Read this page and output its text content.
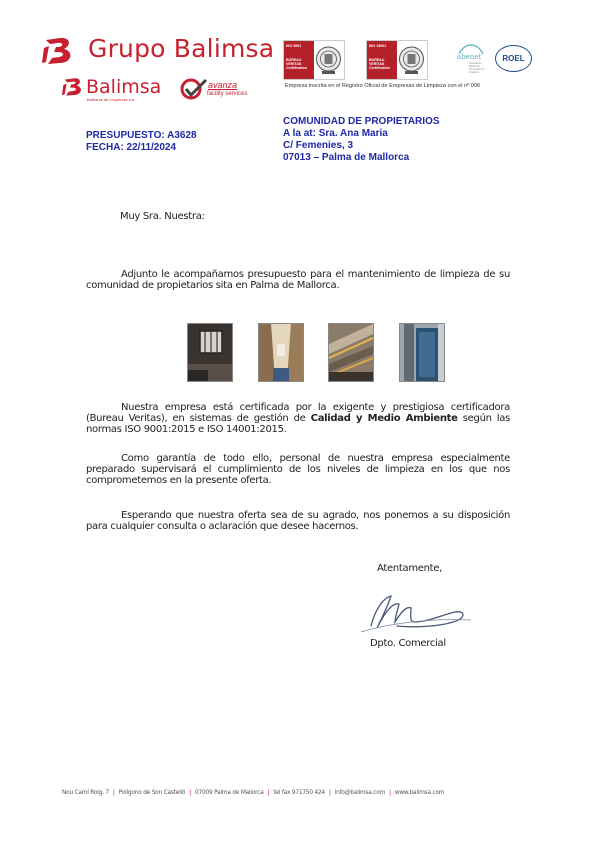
Grupo Balimsa
Balimsa
Baleares de Limpiezas s.a.
avanza
facility services
ISO 9001
BUREAU VERITAS
Certification
ISO 14001
BUREAU VERITAS
Certification
abenet
Asociación Balear de Empresas de limpieza
ROEL
Empresa inscrita en el Registro Oficial de Empresas de Limpieza con el nº 006
PRESUPUESTO: A3628
FECHA: 22/11/2024
COMUNIDAD DE PROPIETARIOS
A la at: Sra. Ana Maria
C/ Femenies, 3
07013 – Palma de Mallorca
Muy Sra. Nuestra:
Adjunto le acompañamos presupuesto para el mantenimiento de limpieza de su comunidad de propietarios sita en Palma de Mallorca.
Nuestra empresa está certificada por la exigente y prestigiosa certificadora (Bureau Veritas), en sistemas de gestión de Calidad y Medio Ambiente según las normas ISO 9001:2015 e ISO 14001:2015.
Como garantía de todo ello, personal de nuestra empresa especialmente preparado supervisará el cumplimiento de los niveles de limpieza en los que nos comprometemos en la presente oferta.
Esperando que nuestra oferta sea de su agrado, nos ponemos a su disposición para cualquier consulta o aclaración que desee hacernos.
Atentamente,
Dpto. Comercial
Nou Camí Roig, 7 | Polígono de Son Castelló | 07009 Palma de Mallorca | tel fax 971750 424 | info@balimsa.com | www.balimsa.com
